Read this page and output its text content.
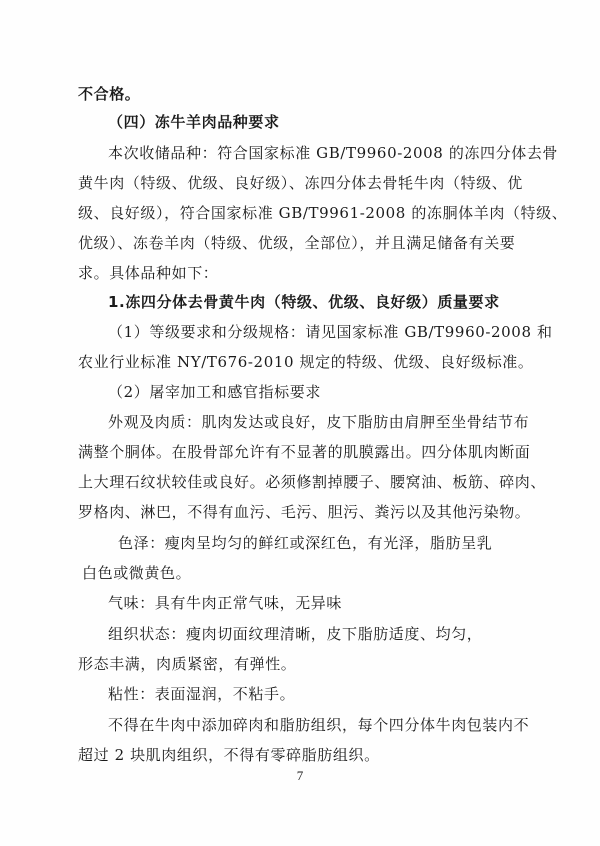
不合格。
（四）冻牛羊肉品种要求
本次收储品种：符合国家标准 GB/T9960-2008 的冻四分体去骨
黄牛肉（特级、优级、良好级）、冻四分体去骨牦牛肉（特级、优
级、良好级），符合国家标准 GB/T9961-2008 的冻胴体羊肉（特级、
优级）、冻卷羊肉（特级、优级，全部位），并且满足储备有关要
求。具体品种如下：
1.冻四分体去骨黄牛肉（特级、优级、良好级）质量要求
（1）等级要求和分级规格：请见国家标准 GB/T9960-2008 和
农业行业标准 NY/T676-2010 规定的特级、优级、良好级标准。
（2）屠宰加工和感官指标要求
外观及肉质：肌肉发达或良好，皮下脂肪由肩胛至坐骨结节布
满整个胴体。在股骨部允许有不显著的肌膜露出。四分体肌肉断面
上大理石纹状较佳或良好。必须修割掉腰子、腰窝油、板筋、碎肉、
罗格肉、淋巴，不得有血污、毛污、胆污、粪污以及其他污染物。
色泽：瘦肉呈均匀的鲜红或深红色，有光泽，脂肪呈乳
白色或微黄色。
气味：具有牛肉正常气味，无异味
组织状态：瘦肉切面纹理清晰，皮下脂肪适度、均匀，
形态丰满，肉质紧密，有弹性。
粘性：表面湿润，不粘手。
不得在牛肉中添加碎肉和脂肪组织，每个四分体牛肉包装内不
超过 2 块肌肉组织，不得有零碎脂肪组织。
7
